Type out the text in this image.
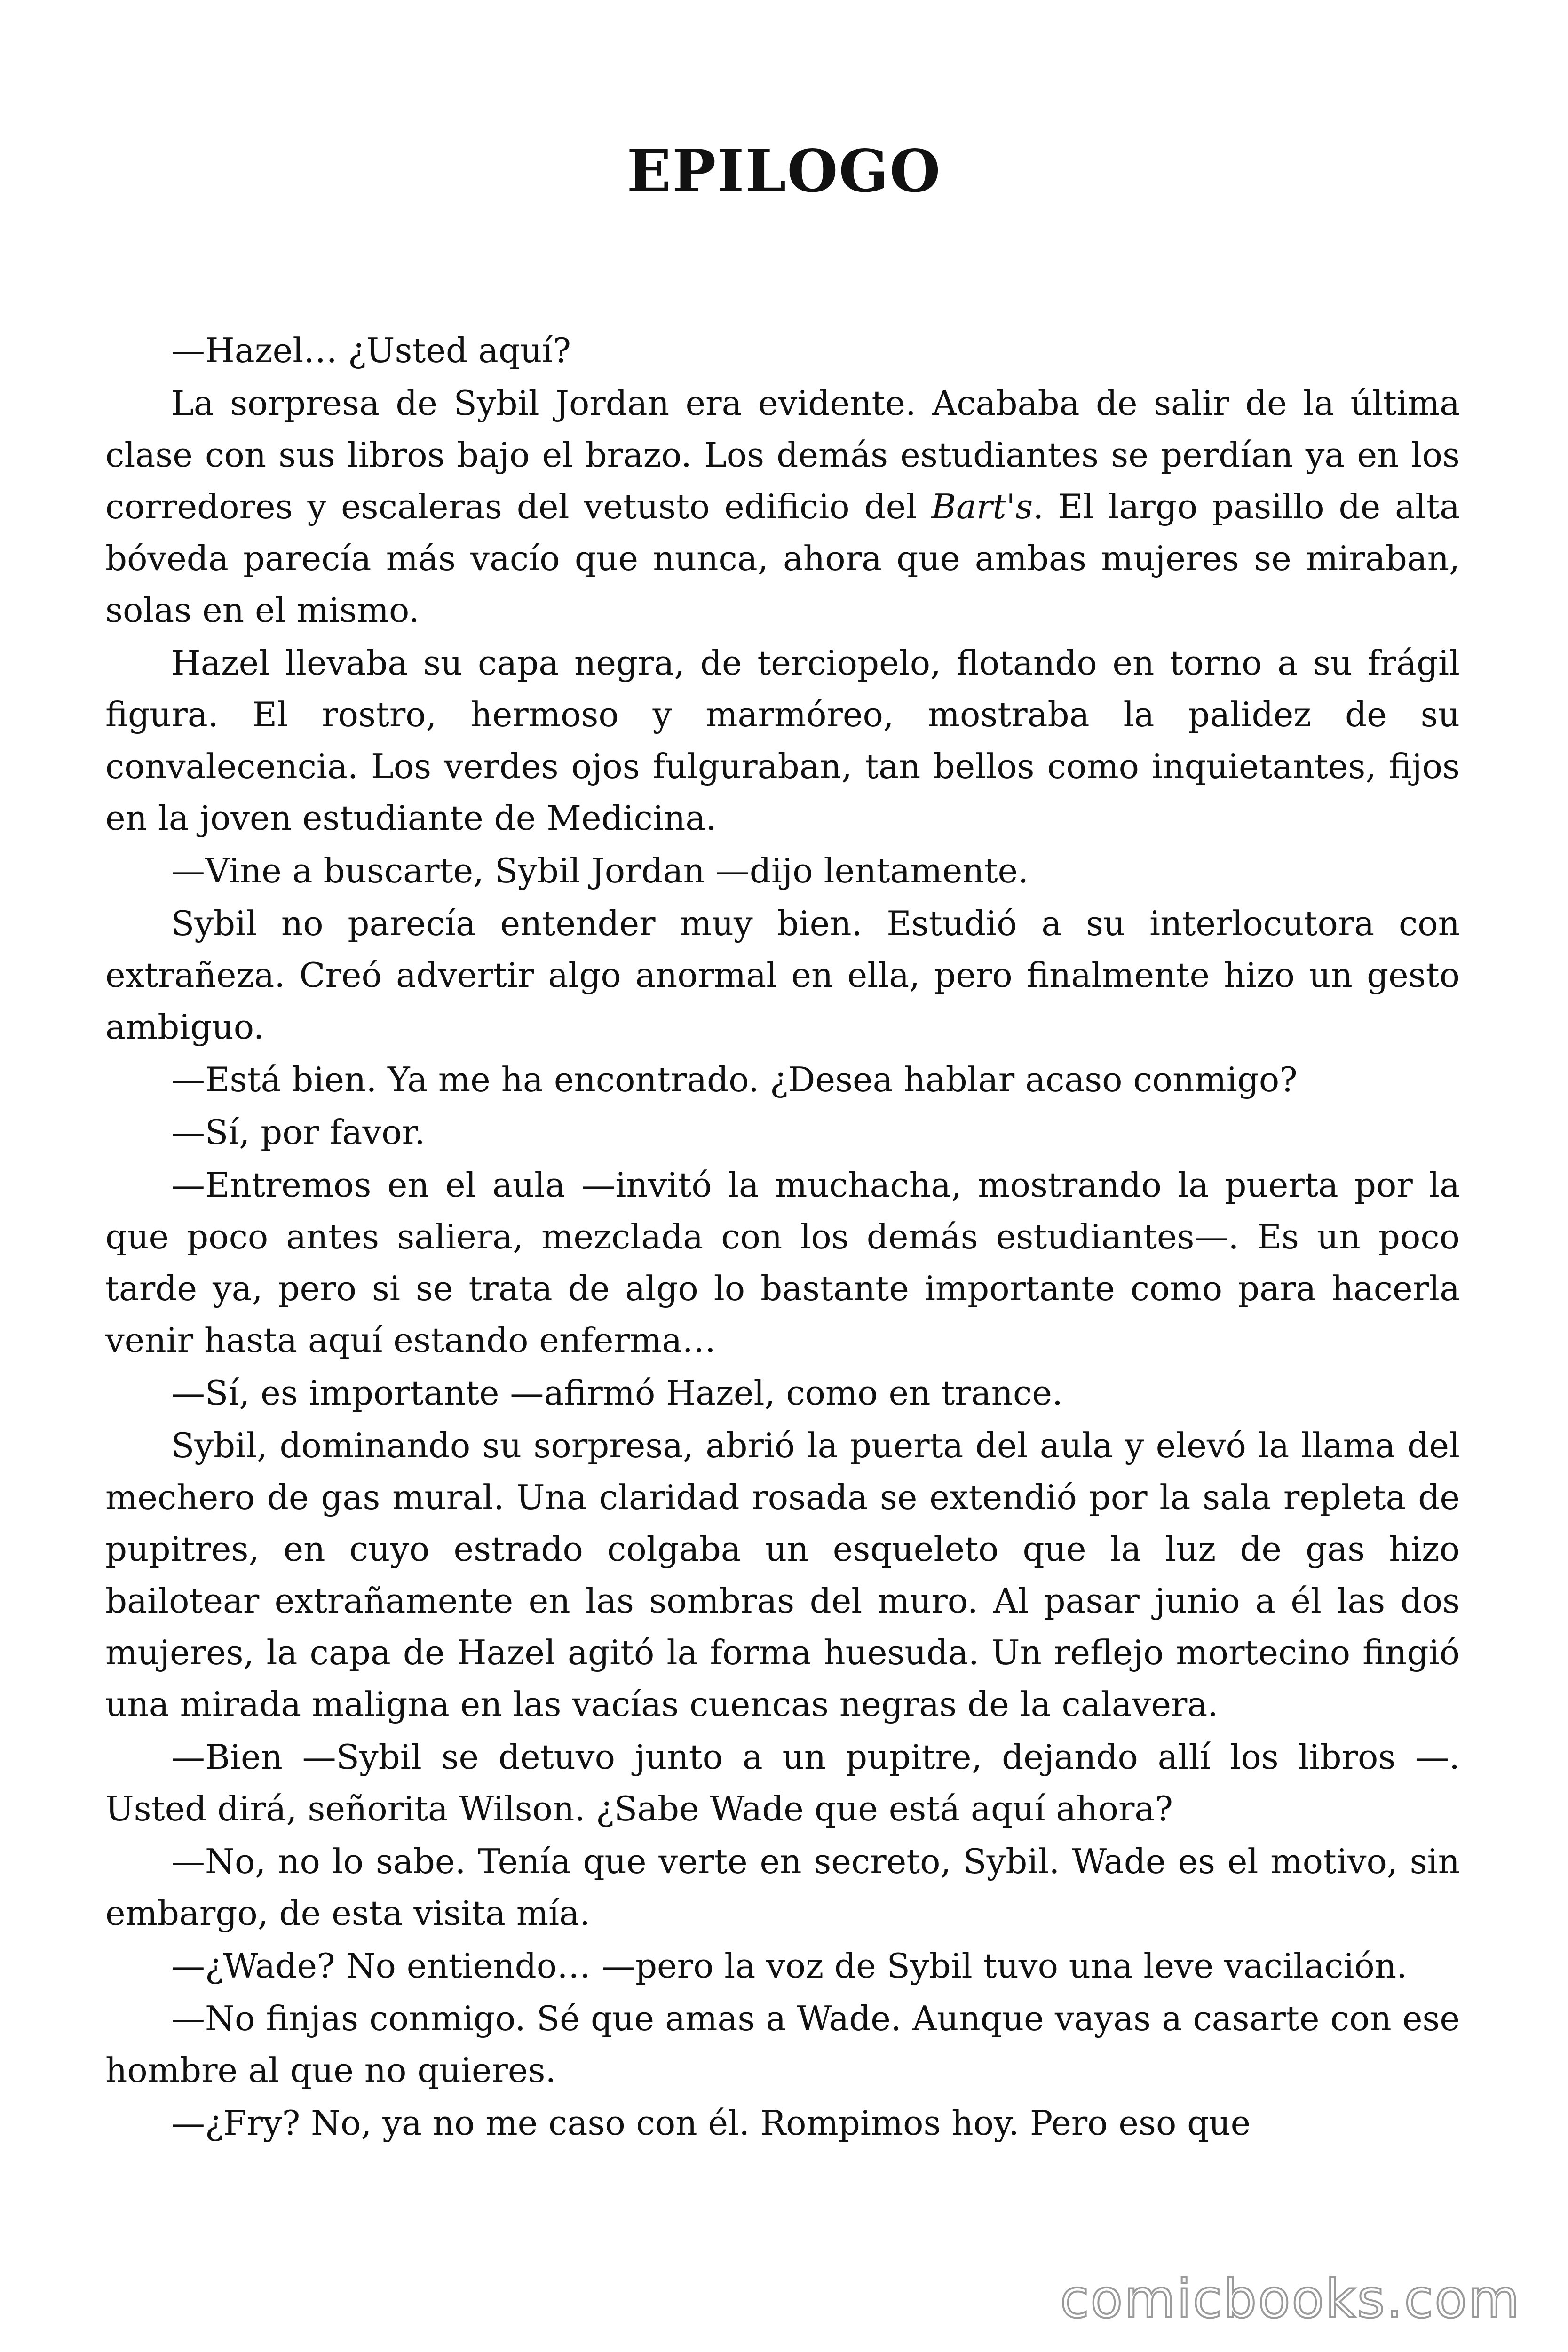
EPILOGO

—Hazel… ¿Usted aquí?

La sorpresa de Sybil Jordan era evidente. Acababa de salir de la última clase con sus libros bajo el brazo. Los demás estudiantes se perdían ya en los corredores y escaleras del vetusto edificio del Bart's. El largo pasillo de alta bóveda parecía más vacío que nunca, ahora que ambas mujeres se miraban, solas en el mismo.

Hazel llevaba su capa negra, de terciopelo, flotando en torno a su frágil figura. El rostro, hermoso y marmóreo, mostraba la palidez de su convalecencia. Los verdes ojos fulguraban, tan bellos como inquietantes, fijos en la joven estudiante de Medicina.

—Vine a buscarte, Sybil Jordan —dijo lentamente.

Sybil no parecía entender muy bien. Estudió a su interlocutora con extrañeza. Creó advertir algo anormal en ella, pero finalmente hizo un gesto ambiguo.

—Está bien. Ya me ha encontrado. ¿Desea hablar acaso conmigo?

—Sí, por favor.

—Entremos en el aula —invitó la muchacha, mostrando la puerta por la que poco antes saliera, mezclada con los demás estudiantes—. Es un poco tarde ya, pero si se trata de algo lo bastante importante como para hacerla venir hasta aquí estando enferma…

—Sí, es importante —afirmó Hazel, como en trance.

Sybil, dominando su sorpresa, abrió la puerta del aula y elevó la llama del mechero de gas mural. Una claridad rosada se extendió por la sala repleta de pupitres, en cuyo estrado colgaba un esqueleto que la luz de gas hizo bailotear extrañamente en las sombras del muro. Al pasar junio a él las dos mujeres, la capa de Hazel agitó la forma huesuda. Un reflejo mortecino fingió una mirada maligna en las vacías cuencas negras de la calavera.

—Bien —Sybil se detuvo junto a un pupitre, dejando allí los libros —. Usted dirá, señorita Wilson. ¿Sabe Wade que está aquí ahora?

—No, no lo sabe. Tenía que verte en secreto, Sybil. Wade es el motivo, sin embargo, de esta visita mía.

—¿Wade? No entiendo… —pero la voz de Sybil tuvo una leve vacilación.

—No finjas conmigo. Sé que amas a Wade. Aunque vayas a casarte con ese hombre al que no quieres.

—¿Fry? No, ya no me caso con él. Rompimos hoy. Pero eso que

comicbooks.com
